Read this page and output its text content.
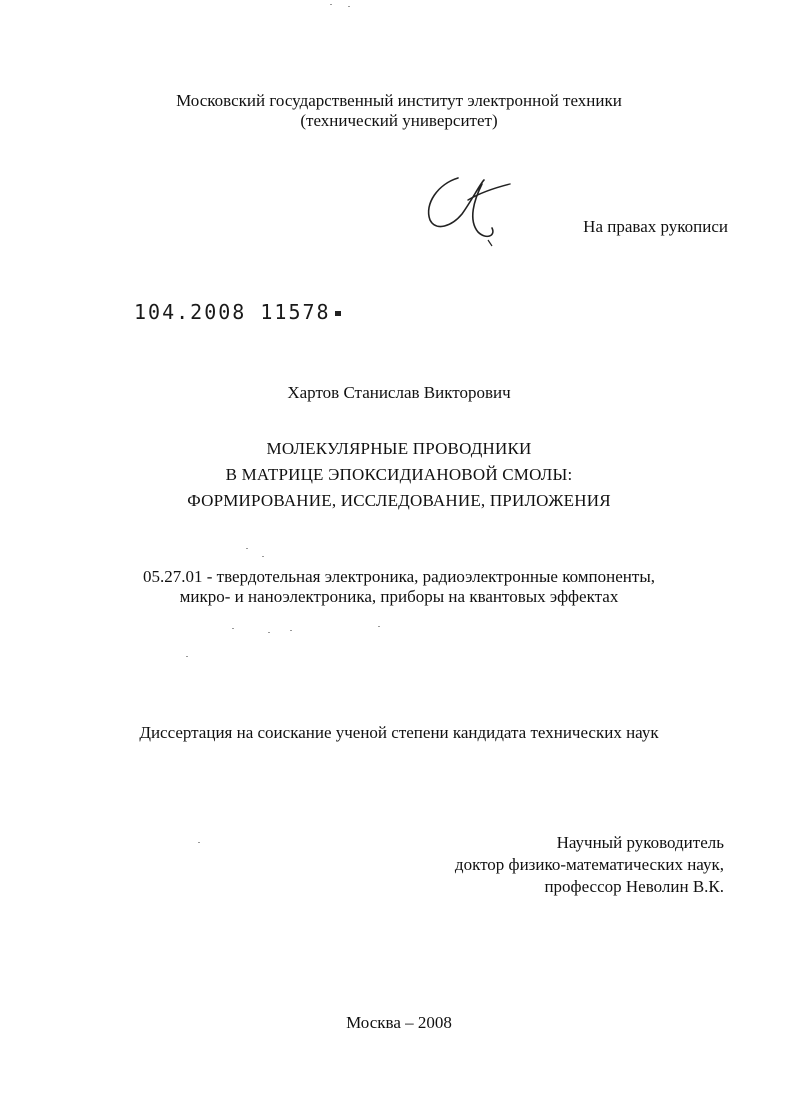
Московский государственный институт электронной техники
(технический университет)
На правах рукописи
104.2008 11578
Хартов Станислав Викторович
МОЛЕКУЛЯРНЫЕ ПРОВОДНИКИ
В МАТРИЦЕ ЭПОКСИДИАНОВОЙ СМОЛЫ:
ФОРМИРОВАНИЕ, ИССЛЕДОВАНИЕ, ПРИЛОЖЕНИЯ
05.27.01 - твердотельная электроника, радиоэлектронные компоненты,
микро- и наноэлектроника, приборы на квантовых эффектах
Диссертация на соискание ученой степени кандидата технических наук
Научный руководитель
доктор физико-математических наук,
профессор Неволин В.К.
Москва – 2008
